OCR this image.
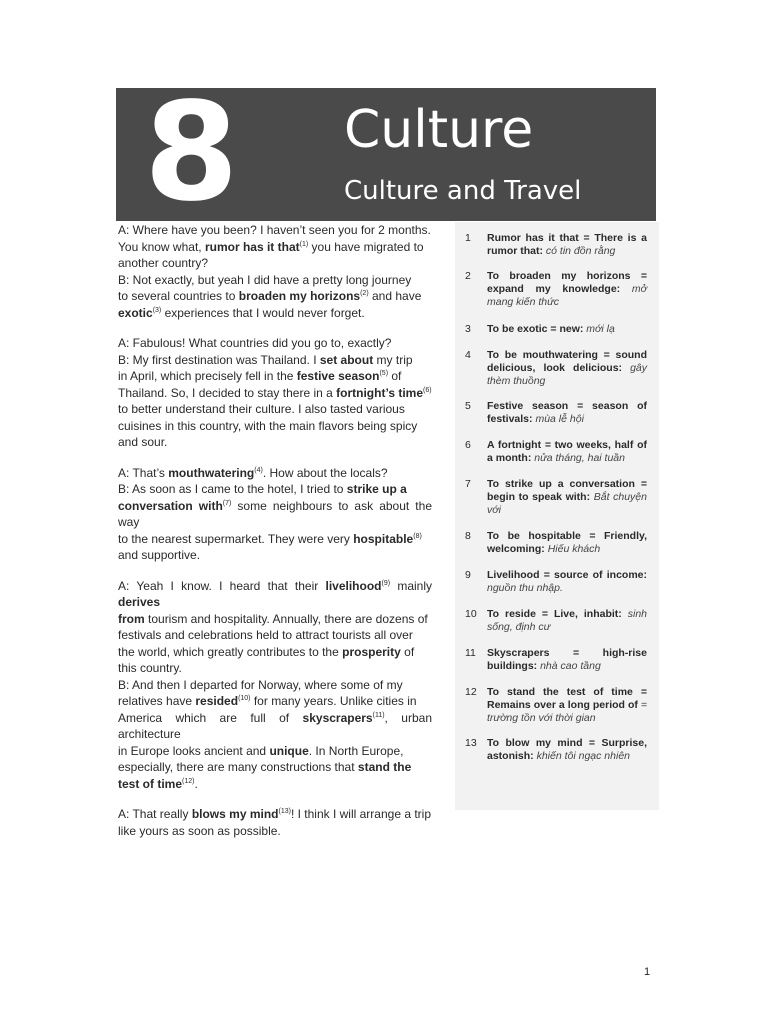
8 Culture
Culture and Travel
A: Where have you been? I haven’t seen you for 2 months.
You know what, rumor has it that$^{(1)}$ you have migrated to
another country?
B: Not exactly, but yeah I did have a pretty long journey
to several countries to broaden my horizons$^{(2)}$ and have
exotic$^{(3)}$ experiences that I would never forget.
A: Fabulous! What countries did you go to, exactly?
B: My first destination was Thailand. I set about my trip
in April, which precisely fell in the festive season$^{(5)}$ of
Thailand. So, I decided to stay there in a fortnight’s time$^{(6)}$
to better understand their culture. I also tasted various
cuisines in this country, with the main flavors being spicy
and sour.
A: That’s mouthwatering$^{(4)}$. How about the locals?
B: As soon as I came to the hotel, I tried to strike up a
conversation with$^{(7)}$ some neighbours to ask about the way
to the nearest supermarket. They were very hospitable$^{(8)}$
and supportive.
A: Yeah I know. I heard that their livelihood$^{(9)}$ mainly derives
from tourism and hospitality. Annually, there are dozens of
festivals and celebrations held to attract tourists all over
the world, which greatly contributes to the prosperity of
this country.
B: And then I departed for Norway, where some of my
relatives have resided$^{(10)}$ for many years. Unlike cities in
America which are full of skyscrapers$^{(11)}$, urban architecture
in Europe looks ancient and unique. In North Europe,
especially, there are many constructions that stand the
test of time$^{(12)}$.
A: That really blows my mind$^{(13)}$! I think I will arrange a trip
like yours as soon as possible.
1	Rumor has it that = There is a rumor that: có tin đồn rằng
2	To broaden my horizons = expand my knowledge: mở mang kiến thức
3	To be exotic = new: mới lạ
4	To be mouthwatering = sound delicious, look delicious: gây thèm thuồng
5	Festive season = season of festivals: mùa lễ hội
6	A fortnight = two weeks, half of a month: nửa tháng, hai tuần
7	To strike up a conversation = begin to speak with: Bắt chuyện với
8	To be hospitable = Friendly, welcoming: Hiếu khách
9	Livelihood = source of income: nguồn thu nhập.
10 To reside = Live, inhabit: sinh sống, định cư
11 Skyscrapers = high-rise buildings: nhà cao tầng
12 To stand the test of time = Remains over a long period of = trường tồn với thời gian
13 To blow my mind = Surprise, astonish: khiến tôi ngạc nhiên
1
